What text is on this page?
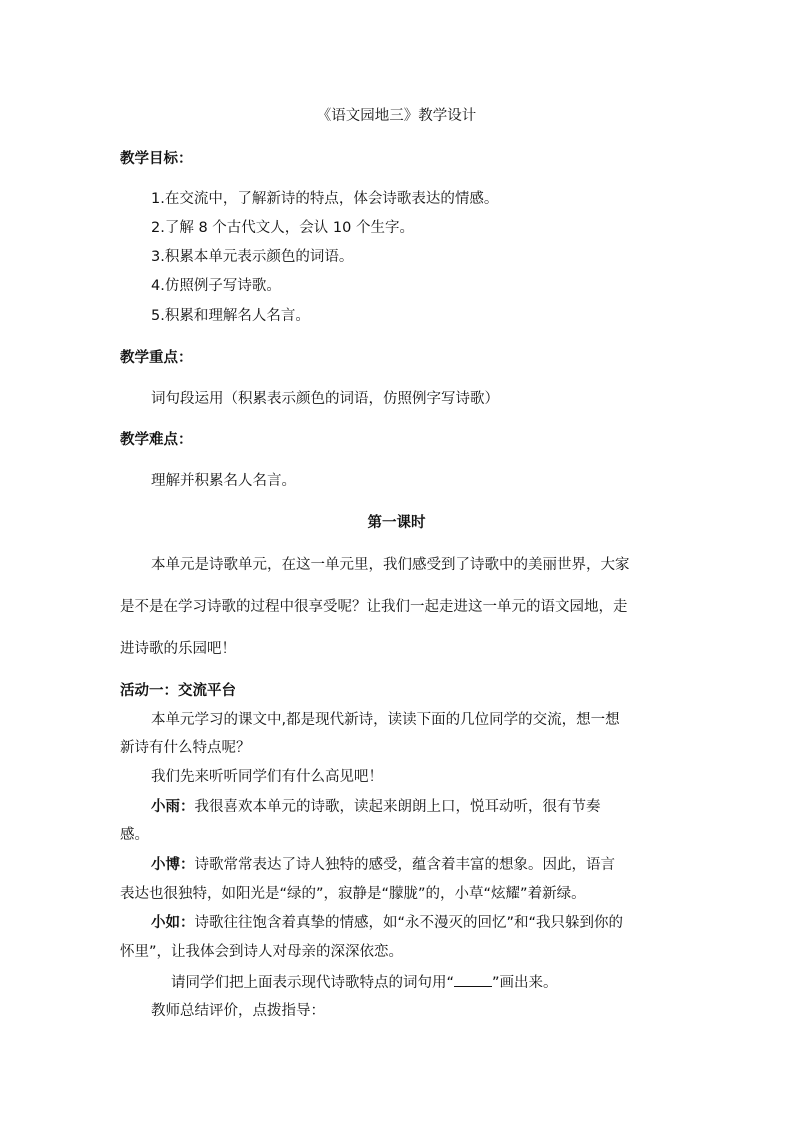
《语文园地三》教学设计

教学目标：

1.在交流中，了解新诗的特点，体会诗歌表达的情感。

2.了解 8 个古代文人，会认 10 个生字。

3.积累本单元表示颜色的词语。

4.仿照例子写诗歌。

5.积累和理解名人名言。

教学重点：

词句段运用（积累表示颜色的词语，仿照例字写诗歌）

教学难点：

理解并积累名人名言。

第一课时

本单元是诗歌单元，在这一单元里，我们感受到了诗歌中的美丽世界，大家

是不是在学习诗歌的过程中很享受呢？让我们一起走进这一单元的语文园地，走

进诗歌的乐园吧！

活动一：交流平台

本单元学习的课文中,都是现代新诗，读读下面的几位同学的交流，想一想

新诗有什么特点呢？

我们先来听听同学们有什么高见吧！

小雨：我很喜欢本单元的诗歌，读起来朗朗上口，悦耳动听，很有节奏

感。

小博：诗歌常常表达了诗人独特的感受，蕴含着丰富的想象。因此，语言

表达也很独特，如阳光是“绿的”，寂静是“朦胧”的，小草“炫耀”着新绿。

小如：诗歌往往饱含着真挚的情感，如“永不漫灭的回忆”和“我只躲到你的

怀里”，让我体会到诗人对母亲的深深依恋。

请同学们把上面表示现代诗歌特点的词句用“	”画出来。

教师总结评价，点拨指导：
